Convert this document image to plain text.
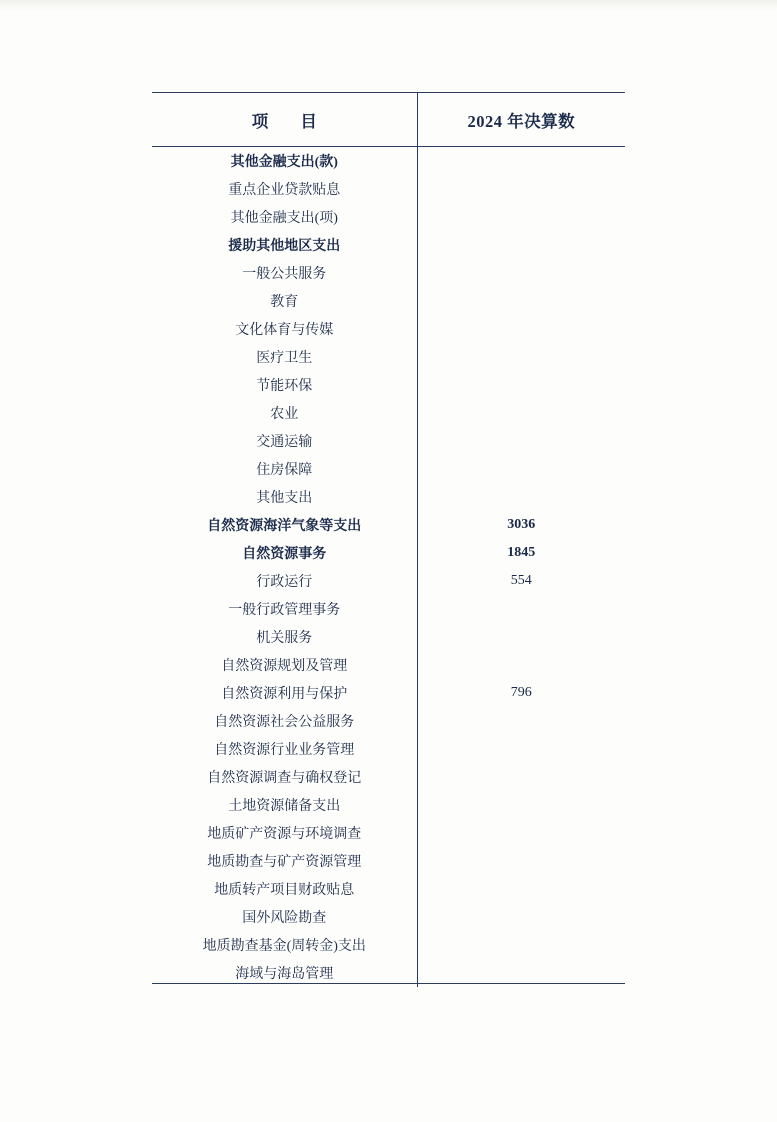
项 目	2024 年决算数
其他金融支出(款)	
重点企业贷款贴息	
其他金融支出(项)	
援助其他地区支出	
一般公共服务	
教育	
文化体育与传媒	
医疗卫生	
节能环保	
农业	
交通运输	
住房保障	
其他支出	
自然资源海洋气象等支出	3036
自然资源事务	1845
行政运行	554
一般行政管理事务	
机关服务	
自然资源规划及管理	
自然资源利用与保护	796
自然资源社会公益服务	
自然资源行业业务管理	
自然资源调查与确权登记	
土地资源储备支出	
地质矿产资源与环境调查	
地质勘查与矿产资源管理	
地质转产项目财政贴息	
国外风险勘查	
地质勘查基金(周转金)支出	
海域与海岛管理	
